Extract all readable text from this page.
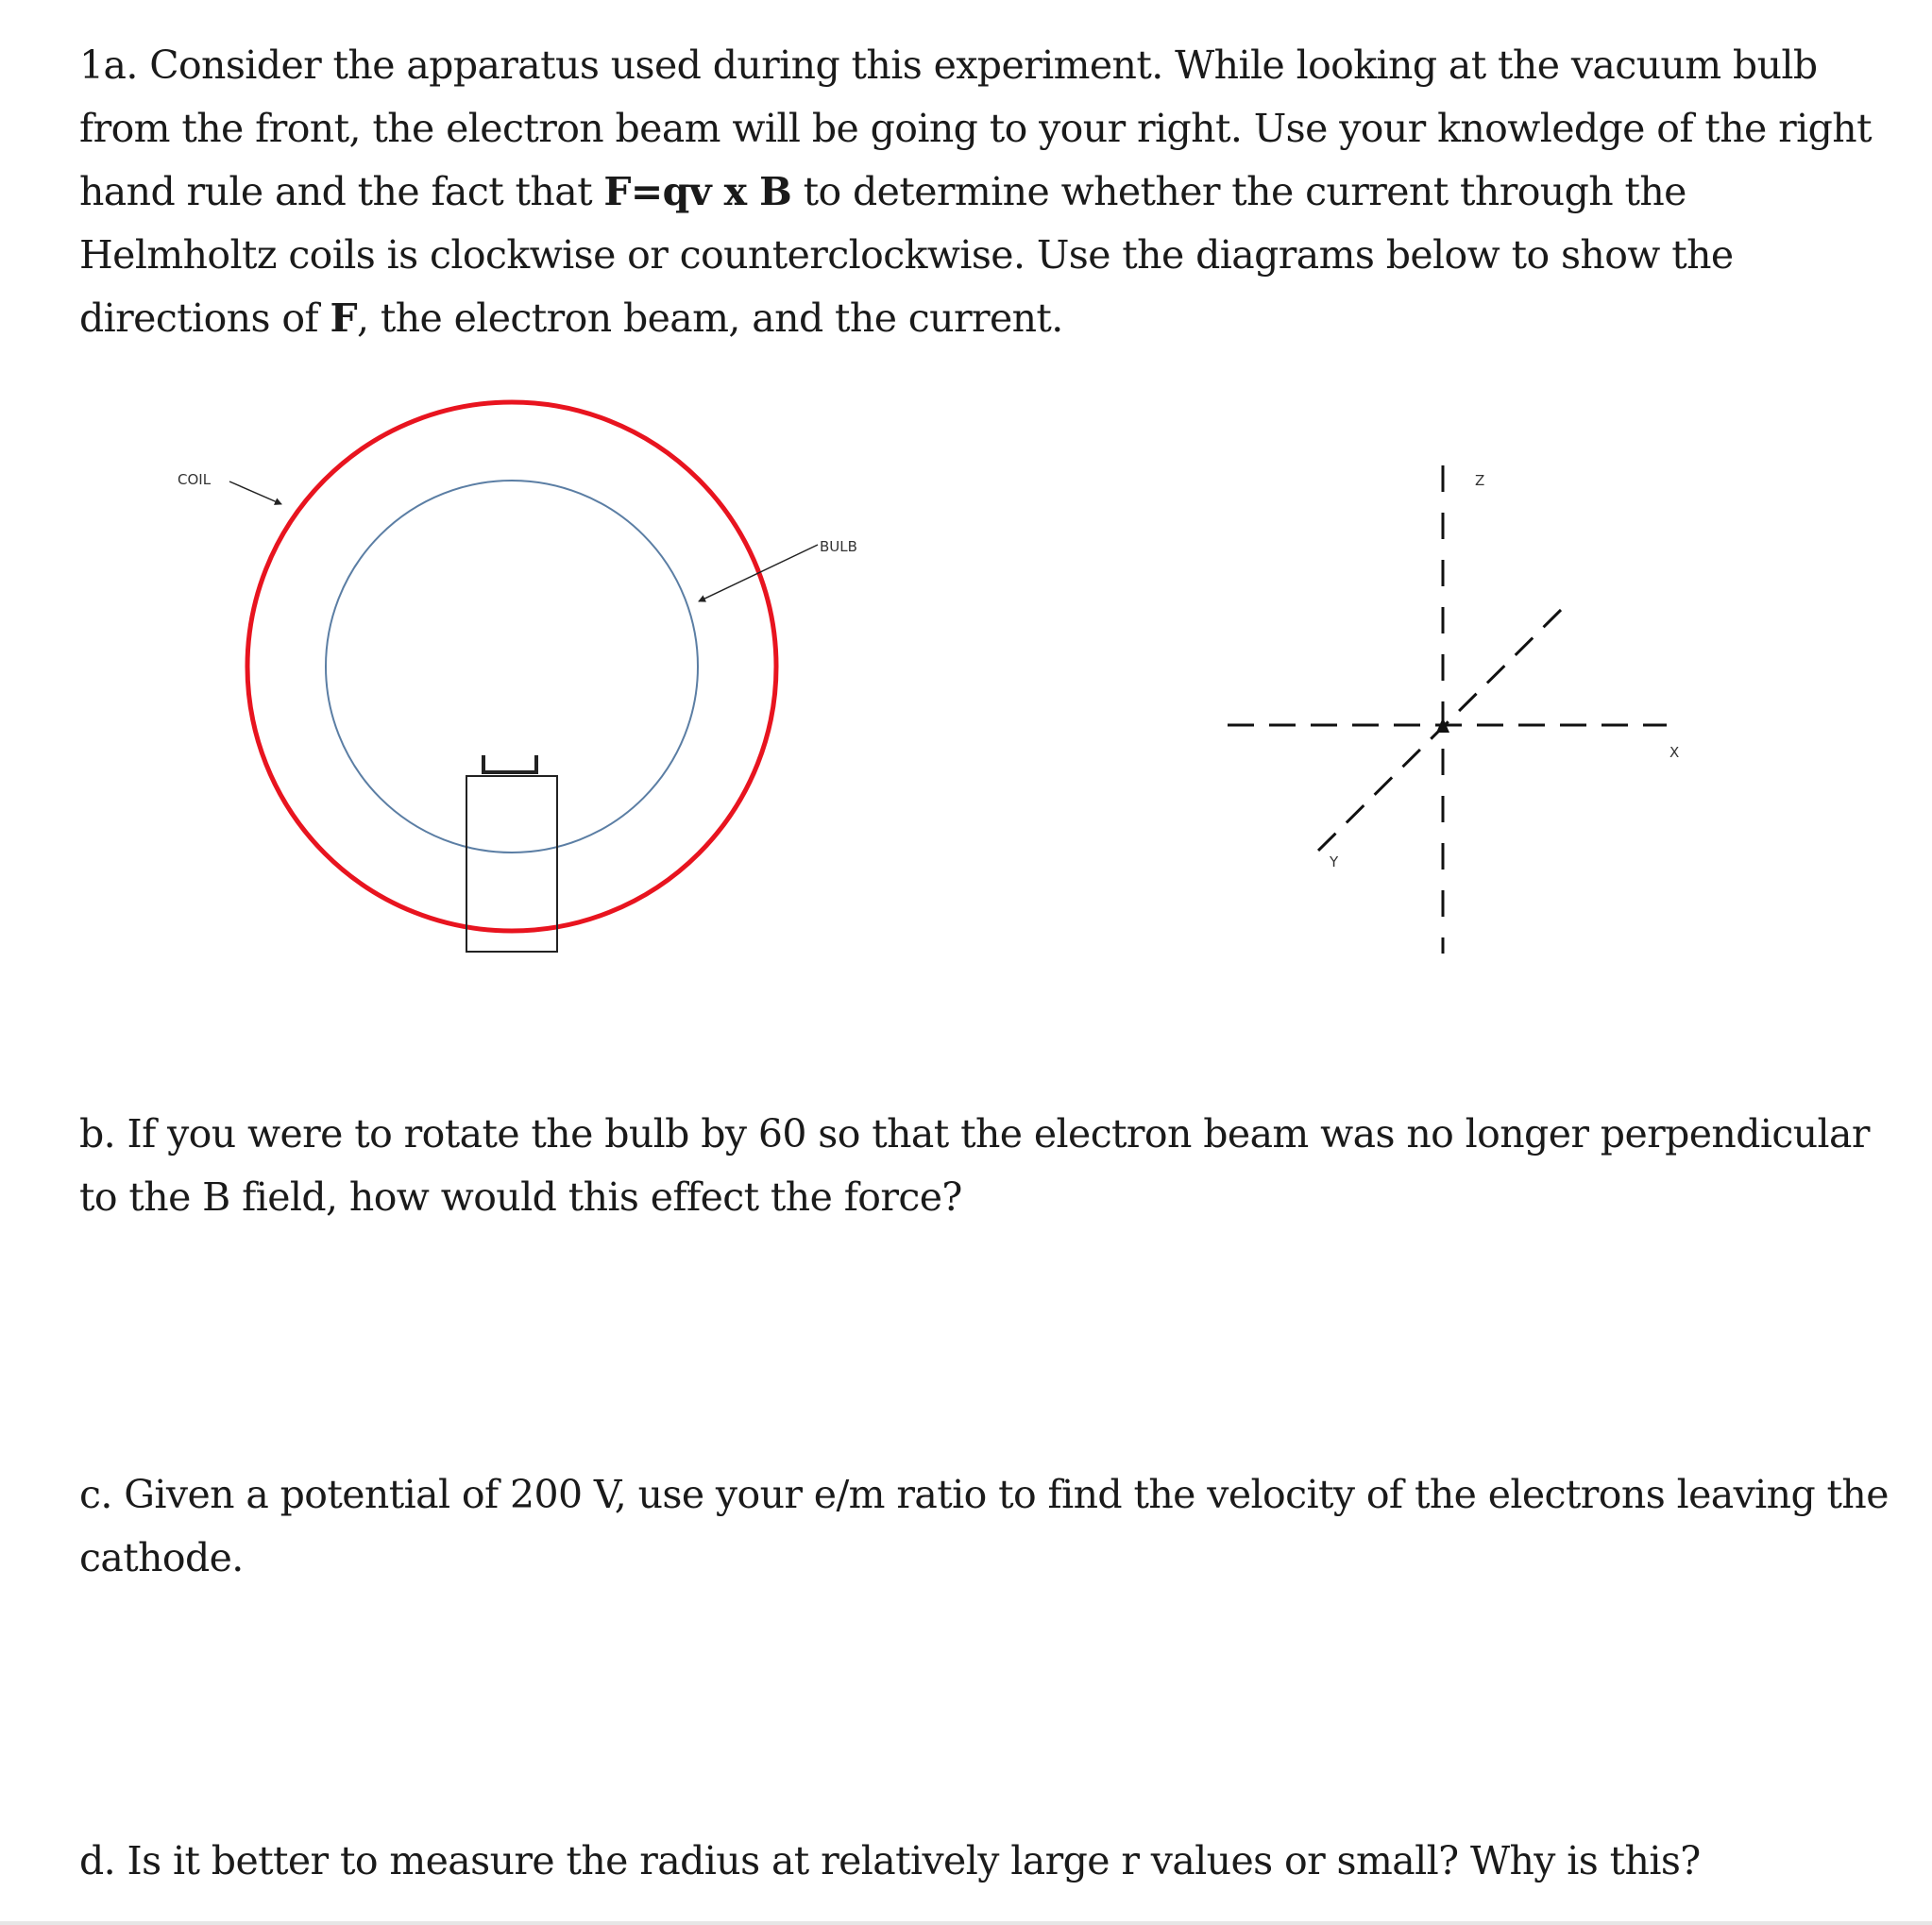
1a. Consider the apparatus used during this experiment. While looking at the vacuum bulb from the front, the electron beam will be going to your right. Use your knowledge of the right hand rule and the fact that F=qv x B to determine whether the current through the Helmholtz coils is clockwise or counterclockwise. Use the diagrams below to show the directions of F, the electron beam, and the current.

COIL
BULB
Z
X
Y

b. If you were to rotate the bulb by 60 so that the electron beam was no longer perpendicular to the B field, how would this effect the force?

c. Given a potential of 200 V, use your e/m ratio to find the velocity of the electrons leaving the cathode.

d. Is it better to measure the radius at relatively large r values or small? Why is this?
